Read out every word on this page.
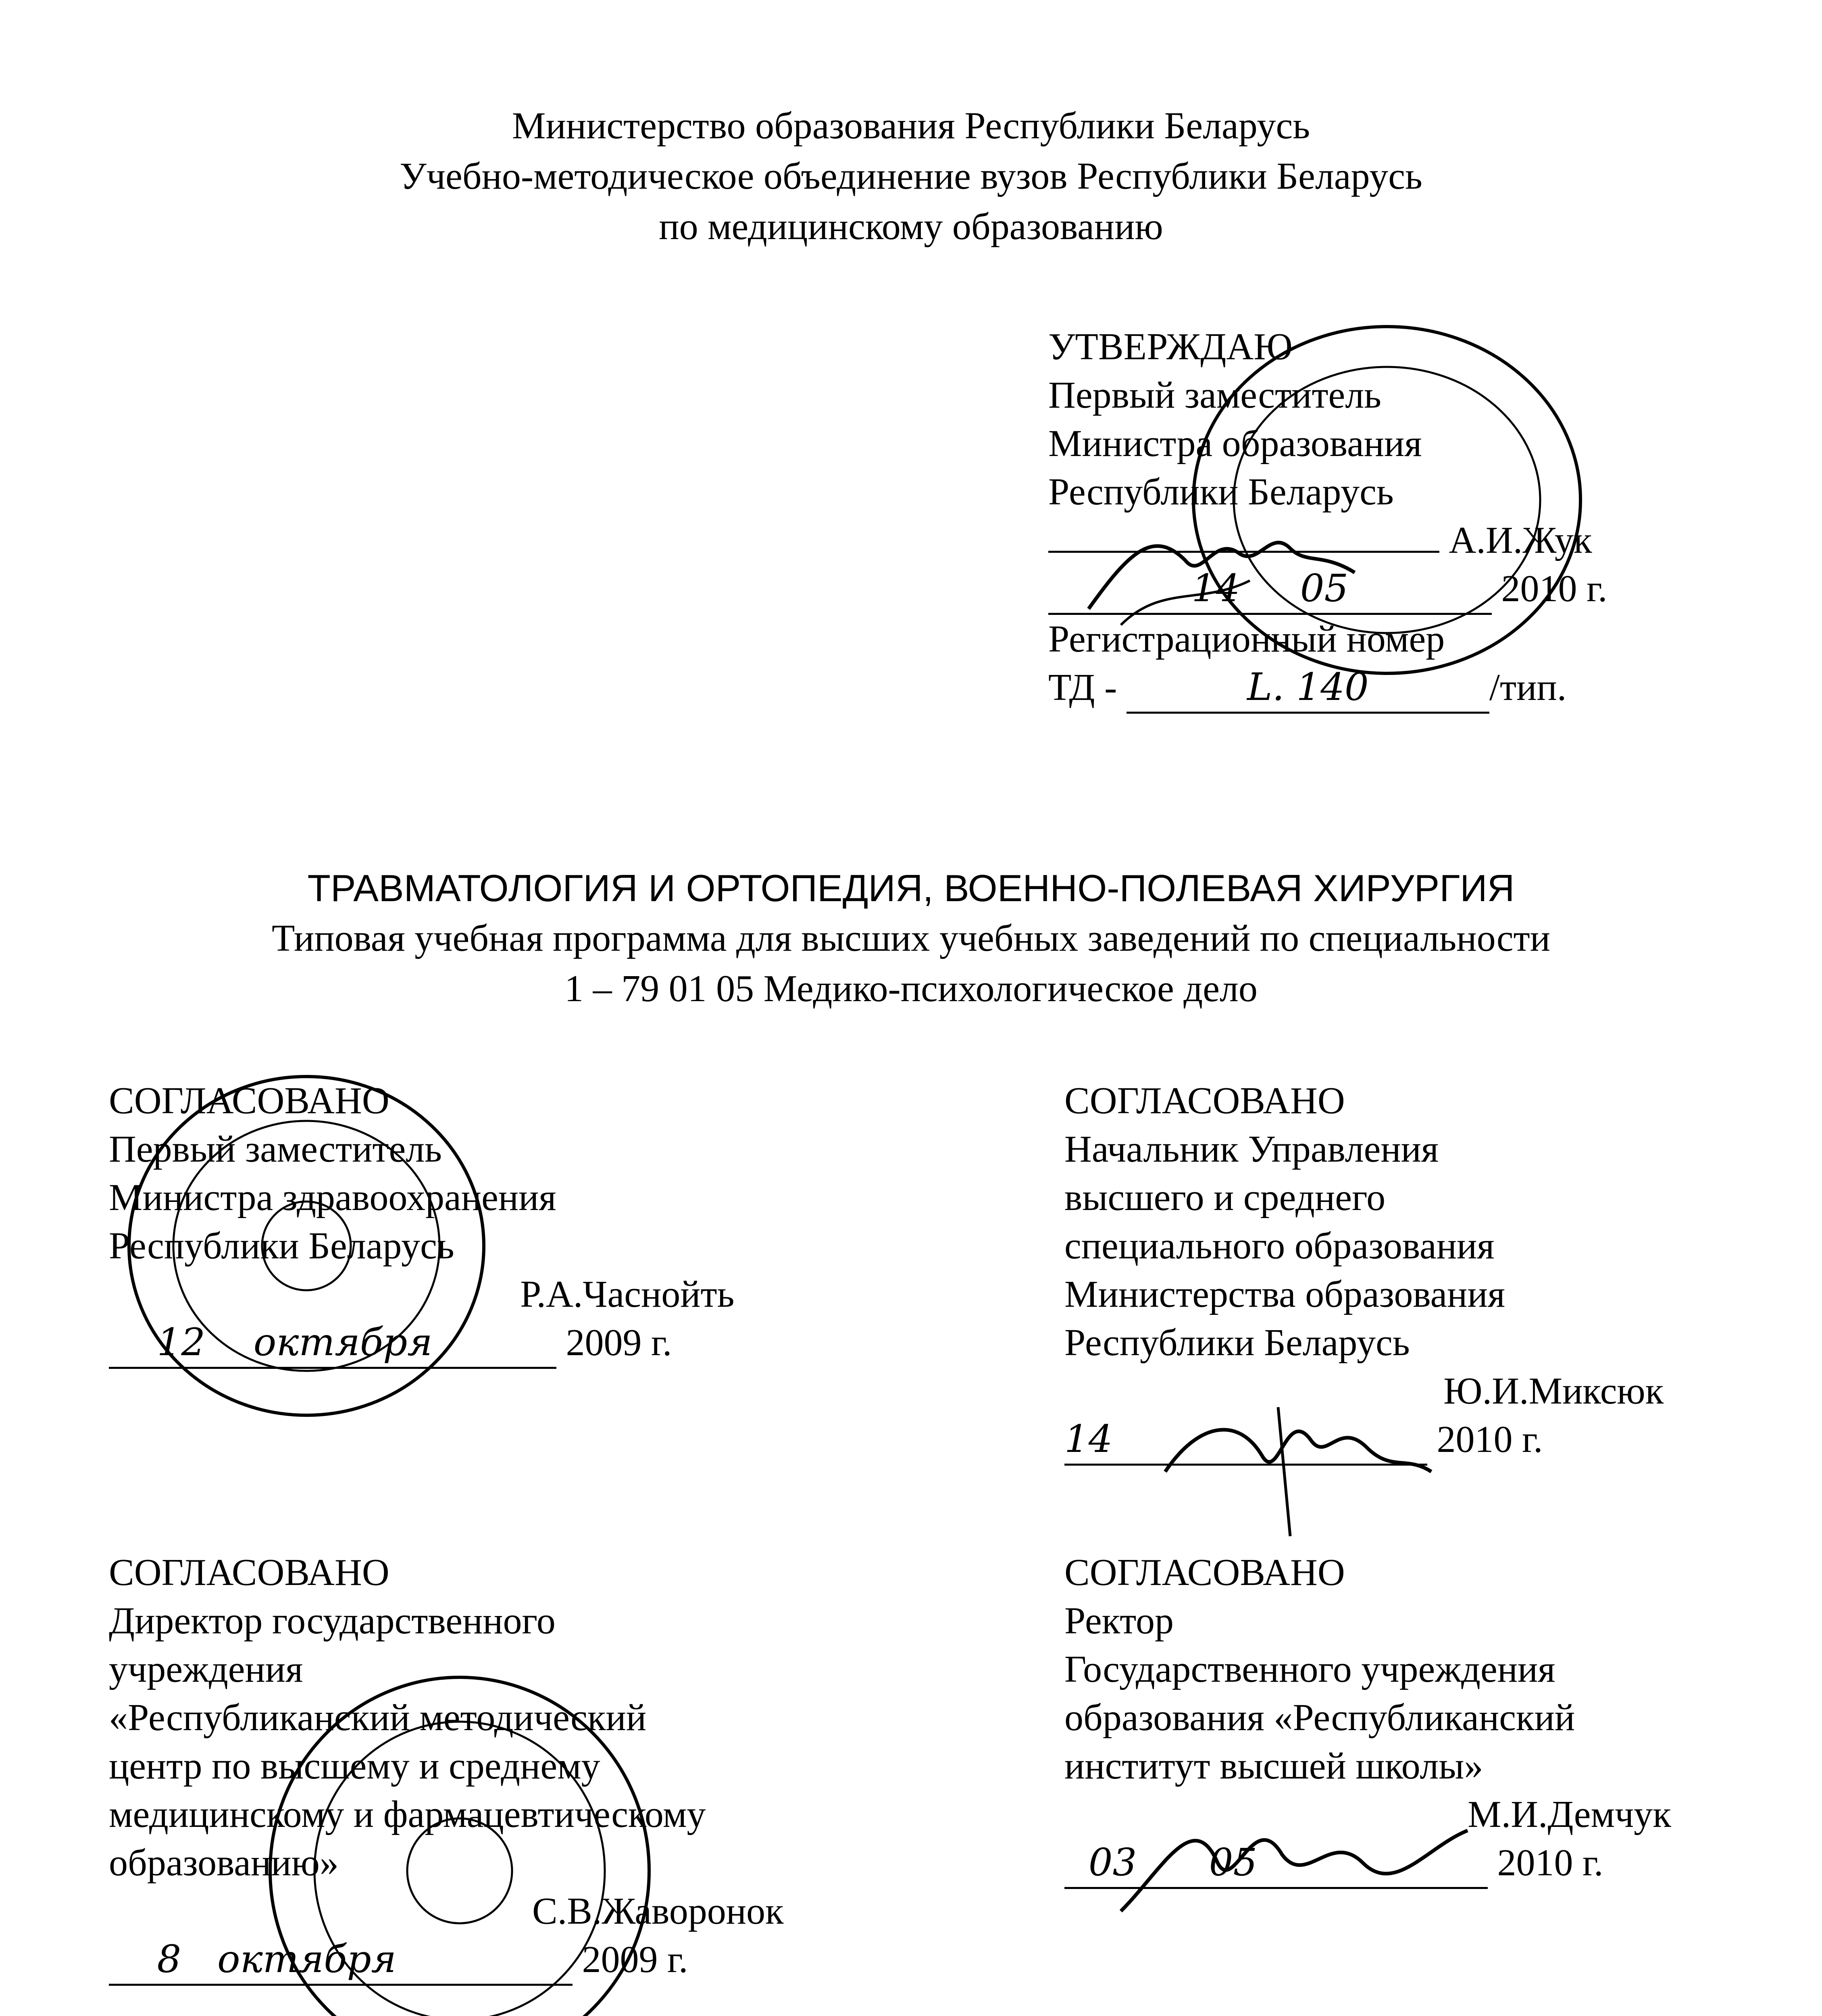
Министерство образования Республики Беларусь
Учебно-методическое объединение вузов Республики Беларусь
по медицинскому образованию
УТВЕРЖДАЮ
Первый заместитель
Министра образования
Республики Беларусь
А.И.Жук
14 05	2010 г.
Регистрационный номер
ТД -	L. 140	/тип.
ТРАВМАТОЛОГИЯ И ОРТОПЕДИЯ, ВОЕННО-ПОЛЕВАЯ ХИРУРГИЯ
Типовая учебная программа для высших учебных заведений по специальности
1 – 79 01 05 Медико-психологическое дело
СОГЛАСОВАНО
Первый заместитель
Министра здравоохранения
Республики Беларусь
Р.А.Часнойть
12 октября	2009 г.
СОГЛАСОВАНО
Начальник Управления
высшего и среднего
специального образования
Министерства образования
Республики Беларусь
Ю.И.Миксюк
14	2010 г.
СОГЛАСОВАНО
Директор государственного
учреждения
«Республиканский методический
центр по высшему и среднему
медицинскому и фармацевтическому
образованию»
С.В.Жаворонок
8 октября	2009 г.
СОГЛАСОВАНО
Ректор
Государственного учреждения
образования «Республиканский
институт высшей школы»
М.И.Демчук
03 05	2010 г.
